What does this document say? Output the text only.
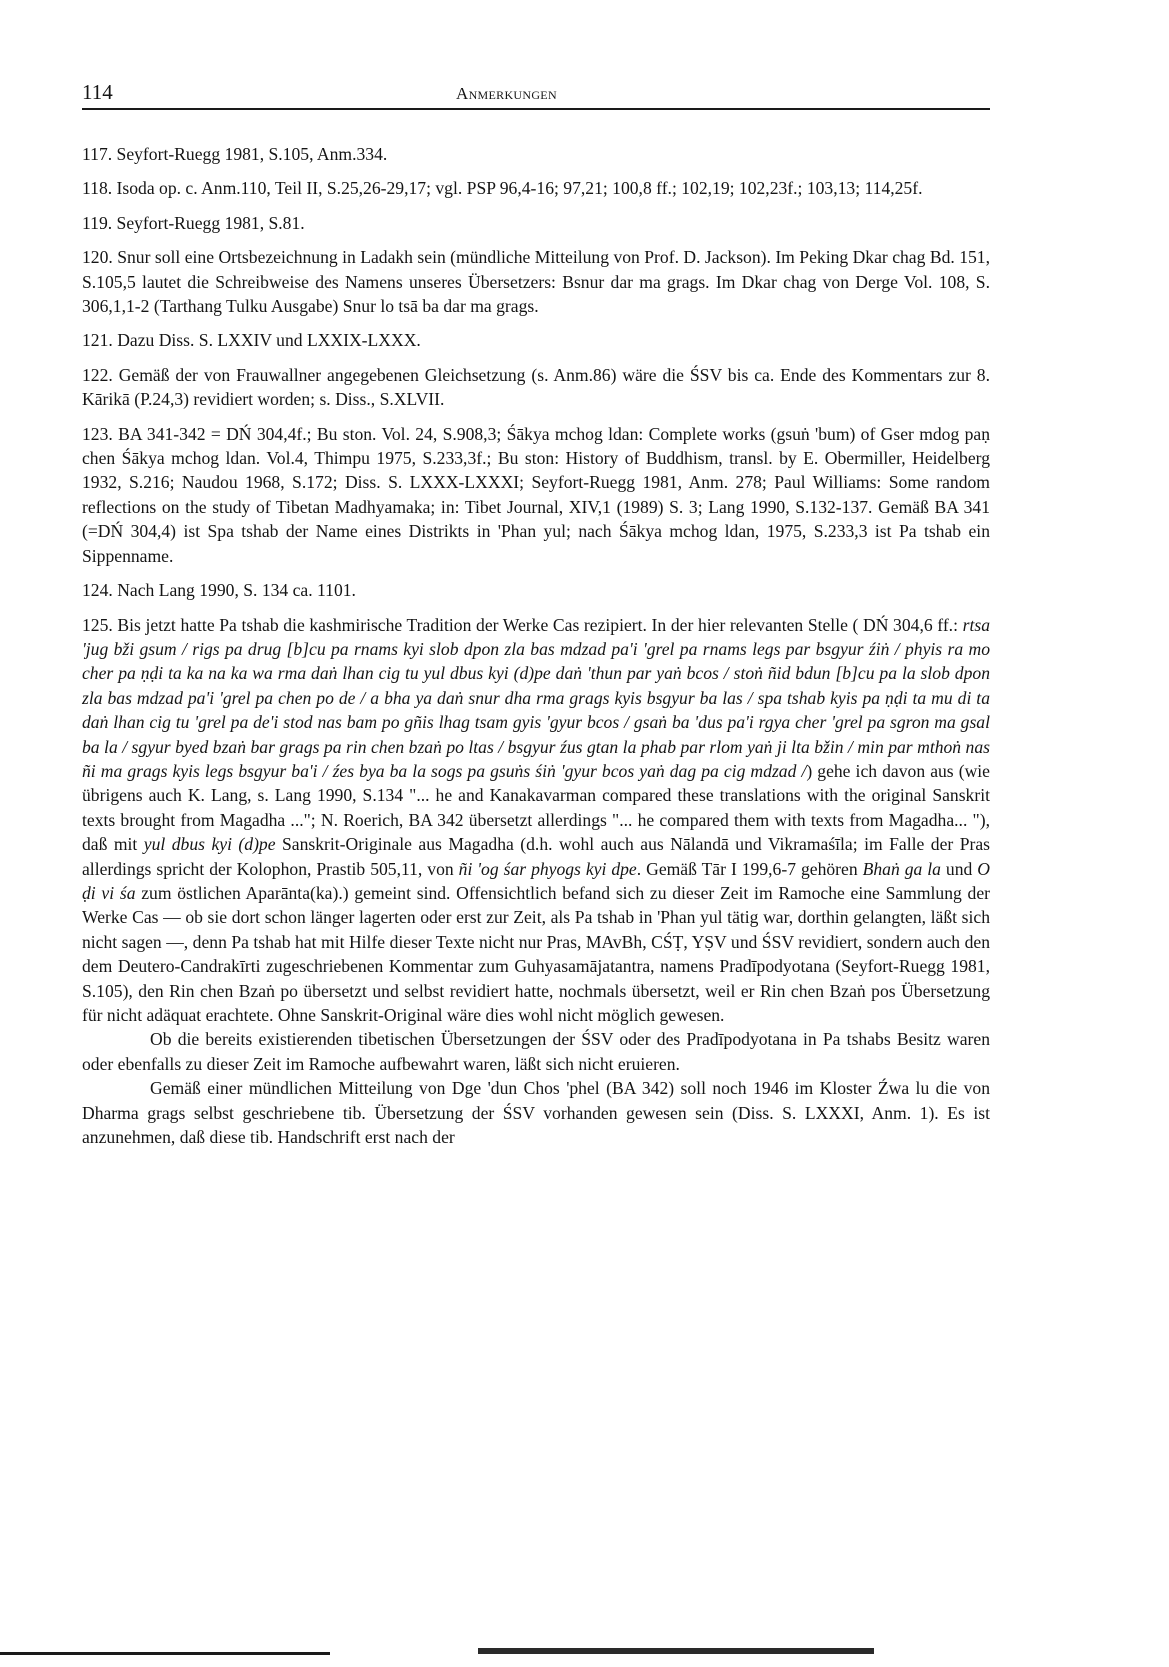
114	Anmerkungen

117. Seyfort-Ruegg 1981, S.105, Anm.334.

118. Isoda op. c. Anm.110, Teil II, S.25,26-29,17; vgl. PSP 96,4-16; 97,21; 100,8 ff.; 102,19; 102,23f.; 103,13; 114,25f.

119. Seyfort-Ruegg 1981, S.81.

120. Snur soll eine Ortsbezeichnung in Ladakh sein (mündliche Mitteilung von Prof. D. Jackson). Im Peking Dkar chag Bd. 151, S.105,5 lautet die Schreibweise des Namens unseres Übersetzers: Bsnur dar ma grags. Im Dkar chag von Derge Vol. 108, S. 306,1,1-2 (Tarthang Tulku Ausgabe) Snur lo tsā ba dar ma grags.

121. Dazu Diss. S. LXXIV und LXXIX-LXXX.

122. Gemäß der von Frauwallner angegebenen Gleichsetzung (s. Anm.86) wäre die ŚSV bis ca. Ende des Kommentars zur 8. Kārikā (P.24,3) revidiert worden; s. Diss., S.XLVII.

123. BA 341-342 = DŃ 304,4f.; Bu ston. Vol. 24, S.908,3; Śākya mchog ldan: Complete works (gsuṅ 'bum) of Gser mdog paṇ chen Śākya mchog ldan. Vol.4, Thimpu 1975, S.233,3f.; Bu ston: History of Buddhism, transl. by E. Obermiller, Heidelberg 1932, S.216; Naudou 1968, S.172; Diss. S. LXXX-LXXXI; Seyfort-Ruegg 1981, Anm. 278; Paul Williams: Some random reflections on the study of Tibetan Madhyamaka; in: Tibet Journal, XIV,1 (1989) S. 3; Lang 1990, S.132-137. Gemäß BA 341 (=DŃ 304,4) ist Spa tshab der Name eines Distrikts in 'Phan yul; nach Śākya mchog ldan, 1975, S.233,3 ist Pa tshab ein Sippenname.

124. Nach Lang 1990, S. 134 ca. 1101.

125. Bis jetzt hatte Pa tshab die kashmirische Tradition der Werke Cas rezipiert. In der hier relevanten Stelle ( DŃ 304,6 ff.: rtsa 'jug bži gsum / rigs pa drug [b]cu pa rnams kyi slob dpon zla bas mdzad pa'i 'grel pa rnams legs par bsgyur źiṅ / phyis ra mo cher pa ṇḍi ta ka na ka wa rma daṅ lhan cig tu yul dbus kyi (d)pe daṅ 'thun par yaṅ bcos / stoṅ ñid bdun [b]cu pa la slob dpon zla bas mdzad pa'i 'grel pa chen po de / a bha ya daṅ snur dha rma grags kyis bsgyur ba las / spa tshab kyis pa ṇḍi ta mu di ta daṅ lhan cig tu 'grel pa de'i stod nas bam po gñis lhag tsam gyis 'gyur bcos / gsaṅ ba 'dus pa'i rgya cher 'grel pa sgron ma gsal ba la / sgyur byed bzaṅ bar grags pa rin chen bzaṅ po ltas / bsgyur źus gtan la phab par rlom yaṅ ji lta bžin / min par mthoṅ nas ñi ma grags kyis legs bsgyur ba'i / źes bya ba la sogs pa gsuṅs śiṅ 'gyur bcos yaṅ dag pa cig mdzad /) gehe ich davon aus (wie übrigens auch K. Lang, s. Lang 1990, S.134 "... he and Kanakavarman compared these translations with the original Sanskrit texts brought from Magadha ..."; N. Roerich, BA 342 übersetzt allerdings "... he compared them with texts from Magadha... "), daß mit yul dbus kyi (d)pe Sanskrit-Originale aus Magadha (d.h. wohl auch aus Nālandā und Vikramaśīla; im Falle der Pras allerdings spricht der Kolophon, Prastib 505,11, von ñi 'og śar phyogs kyi dpe. Gemäß Tār I 199,6-7 gehören Bhaṅ ga la und O ḍi vi śa zum östlichen Aparānta(ka).) gemeint sind. Offensichtlich befand sich zu dieser Zeit im Ramoche eine Sammlung der Werke Cas — ob sie dort schon länger lagerten oder erst zur Zeit, als Pa tshab in 'Phan yul tätig war, dorthin gelangten, läßt sich nicht sagen —, denn Pa tshab hat mit Hilfe dieser Texte nicht nur Pras, MAvBh, CŚṬ, YṢV und ŚSV revidiert, sondern auch den dem Deutero-Candrakīrti zugeschriebenen Kommentar zum Guhyasamājatantra, namens Pradīpodyotana (Seyfort-Ruegg 1981, S.105), den Rin chen Bzaṅ po übersetzt und selbst revidiert hatte, nochmals übersetzt, weil er Rin chen Bzaṅ pos Übersetzung für nicht adäquat erachtete. Ohne Sanskrit-Original wäre dies wohl nicht möglich gewesen.

Ob die bereits existierenden tibetischen Übersetzungen der ŚSV oder des Pradīpodyotana in Pa tshabs Besitz waren oder ebenfalls zu dieser Zeit im Ramoche aufbewahrt waren, läßt sich nicht eruieren.

Gemäß einer mündlichen Mitteilung von Dge 'dun Chos 'phel (BA 342) soll noch 1946 im Kloster Źwa lu die von Dharma grags selbst geschriebene tib. Übersetzung der ŚSV vorhanden gewesen sein (Diss. S. LXXXI, Anm. 1). Es ist anzunehmen, daß diese tib. Handschrift erst nach der
